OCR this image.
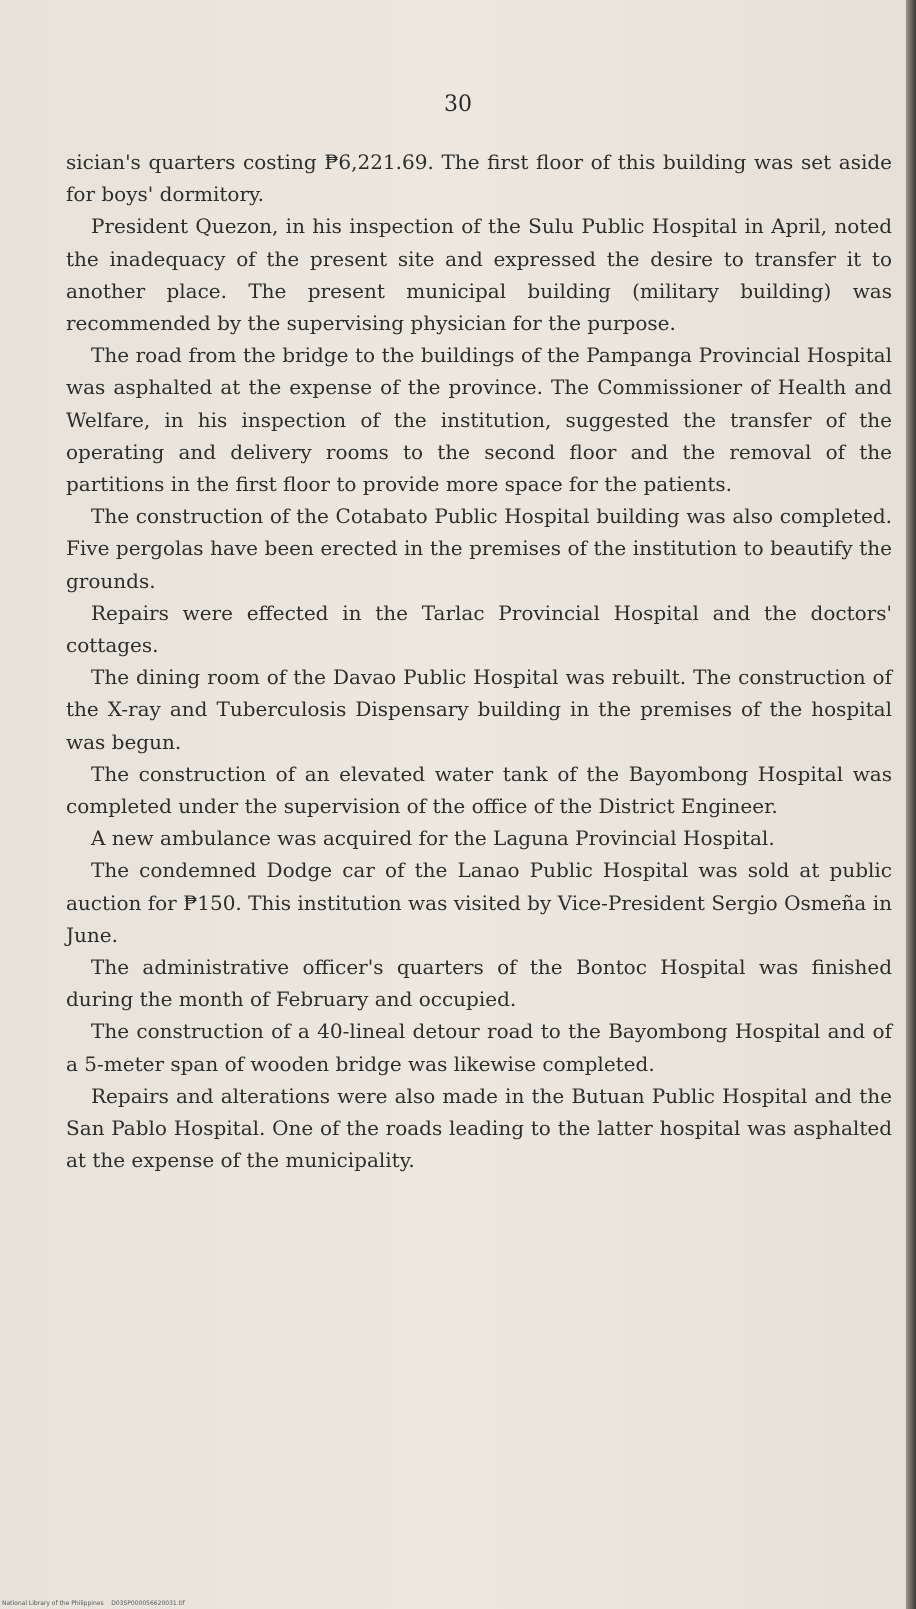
30

sician's quarters costing ₱6,221.69. The first floor of this building was set aside for boys' dormitory.

President Quezon, in his inspection of the Sulu Public Hospital in April, noted the inadequacy of the present site and expressed the desire to transfer it to another place. The present municipal building (military building) was recommended by the supervising physician for the purpose.

The road from the bridge to the buildings of the Pampanga Provincial Hospital was asphalted at the expense of the province. The Commissioner of Health and Welfare, in his inspection of the institution, suggested the transfer of the operating and delivery rooms to the second floor and the removal of the partitions in the first floor to provide more space for the patients.

The construction of the Cotabato Public Hospital building was also completed. Five pergolas have been erected in the premises of the institution to beautify the grounds.

Repairs were effected in the Tarlac Provincial Hospital and the doctors' cottages.

The dining room of the Davao Public Hospital was rebuilt. The construction of the X-ray and Tuberculosis Dispensary building in the premises of the hospital was begun.

The construction of an elevated water tank of the Bayombong Hospital was completed under the supervision of the office of the District Engineer.

A new ambulance was acquired for the Laguna Provincial Hospital.

The condemned Dodge car of the Lanao Public Hospital was sold at public auction for ₱150. This institution was visited by Vice-President Sergio Osmeña in June.

The administrative officer's quarters of the Bontoc Hospital was finished during the month of February and occupied.

The construction of a 40-lineal detour road to the Bayombong Hospital and of a 5-meter span of wooden bridge was likewise completed.

Repairs and alterations were also made in the Butuan Public Hospital and the San Pablo Hospital. One of the roads leading to the latter hospital was asphalted at the expense of the municipality.

National Library of the Philippines D03SP000056620031.tif
